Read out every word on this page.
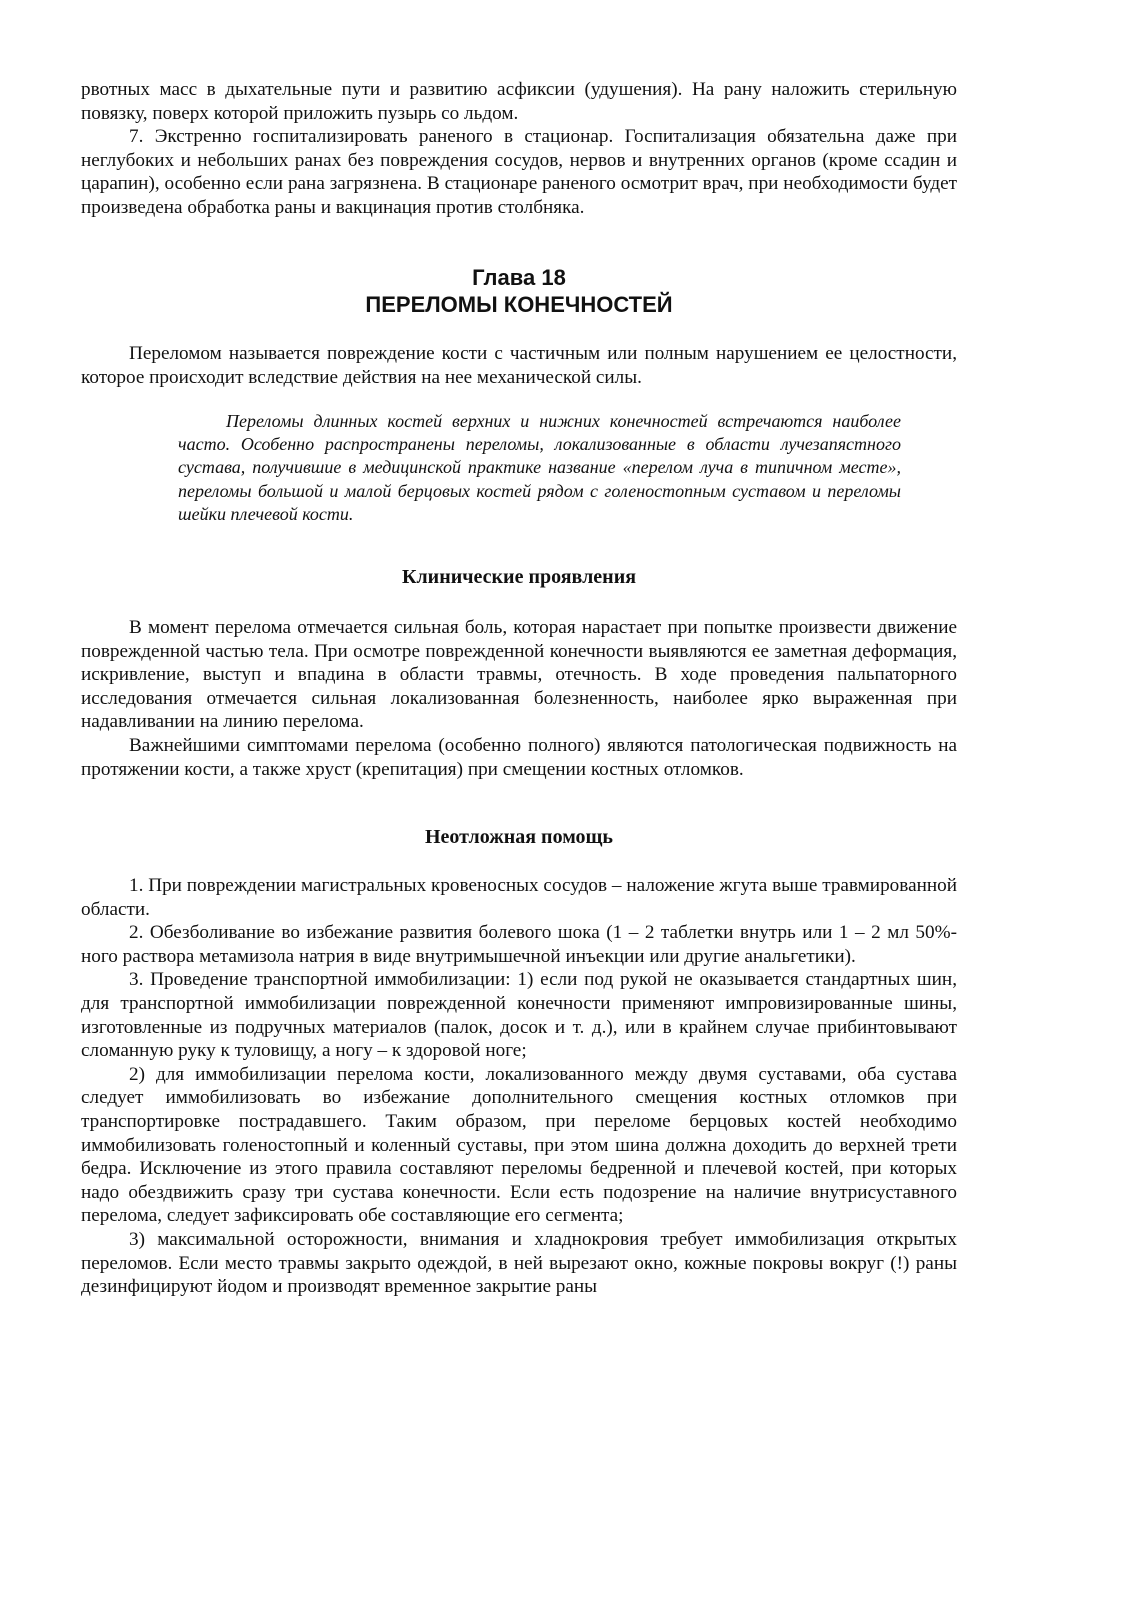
рвотных масс в дыхательные пути и развитию асфиксии (удушения). На рану наложить стерильную повязку, поверх которой приложить пузырь со льдом.

7. Экстренно госпитализировать раненого в стационар. Госпитализация обязательна даже при неглубоких и небольших ранах без повреждения сосудов, нервов и внутренних органов (кроме ссадин и царапин), особенно если рана загрязнена. В стационаре раненого осмотрит врач, при необходимости будет произведена обработка раны и вакцинация против столбняка.

Глава 18
ПЕРЕЛОМЫ КОНЕЧНОСТЕЙ

Переломом называется повреждение кости с частичным или полным нарушением ее целостности, которое происходит вследствие действия на нее механической силы.

Переломы длинных костей верхних и нижних конечностей встречаются наиболее часто. Особенно распространены переломы, локализованные в области лучезапястного сустава, получившие в медицинской практике название «перелом луча в типичном месте», переломы большой и малой берцовых костей рядом с голеностопным суставом и переломы шейки плечевой кости.

Клинические проявления

В момент перелома отмечается сильная боль, которая нарастает при попытке произвести движение поврежденной частью тела. При осмотре поврежденной конечности выявляются ее заметная деформация, искривление, выступ и впадина в области травмы, отечность. В ходе проведения пальпаторного исследования отмечается сильная локализованная болезненность, наиболее ярко выраженная при надавливании на линию перелома.

Важнейшими симптомами перелома (особенно полного) являются патологическая подвижность на протяжении кости, а также хруст (крепитация) при смещении костных отломков.

Неотложная помощь

1. При повреждении магистральных кровеносных сосудов – наложение жгута выше травмированной области.

2. Обезболивание во избежание развития болевого шока (1 – 2 таблетки внутрь или 1 – 2 мл 50%-ного раствора метамизола натрия в виде внутримышечной инъекции или другие анальгетики).

3. Проведение транспортной иммобилизации: 1) если под рукой не оказывается стандартных шин, для транспортной иммобилизации поврежденной конечности применяют импровизированные шины, изготовленные из подручных материалов (палок, досок и т. д.), или в крайнем случае прибинтовывают сломанную руку к туловищу, а ногу – к здоровой ноге;

2) для иммобилизации перелома кости, локализованного между двумя суставами, оба сустава следует иммобилизовать во избежание дополнительного смещения костных отломков при транспортировке пострадавшего. Таким образом, при переломе берцовых костей необходимо иммобилизовать голеностопный и коленный суставы, при этом шина должна доходить до верхней трети бедра. Исключение из этого правила составляют переломы бедренной и плечевой костей, при которых надо обездвижить сразу три сустава конечности. Если есть подозрение на наличие внутрисуставного перелома, следует зафиксировать обе составляющие его сегмента;

3) максимальной осторожности, внимания и хладнокровия требует иммобилизация открытых переломов. Если место травмы закрыто одеждой, в ней вырезают окно, кожные покровы вокруг (!) раны дезинфицируют йодом и производят временное закрытие раны
